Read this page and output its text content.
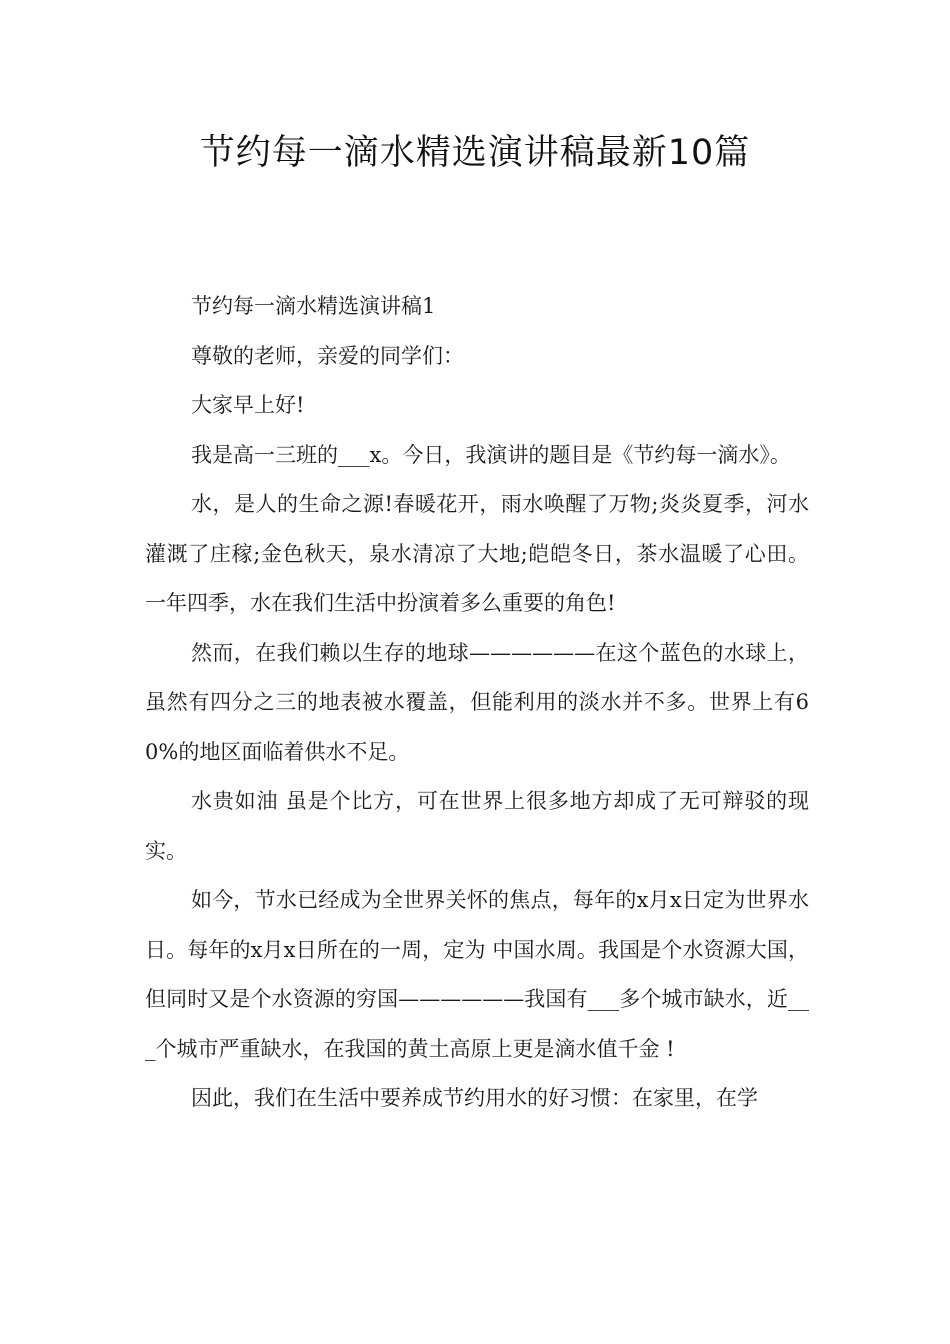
节约每一滴水精选演讲稿最新10篇

节约每一滴水精选演讲稿1

尊敬的老师，亲爱的同学们：

大家早上好!

我是高一三班的___x。今日，我演讲的题目是《节约每一滴水》。

水，是人的生命之源!春暖花开，雨水唤醒了万物;炎炎夏季，河水灌溉了庄稼;金色秋天，泉水清凉了大地;皑皑冬日，茶水温暖了心田。一年四季，水在我们生活中扮演着多么重要的角色!

然而，在我们赖以生存的地球——————在这个蓝色的水球上，虽然有四分之三的地表被水覆盖，但能利用的淡水并不多。世界上有60%的地区面临着供水不足。

水贵如油 虽是个比方，可在世界上很多地方却成了无可辩驳的现实。

如今，节水已经成为全世界关怀的焦点，每年的x月x日定为世界水日。每年的x月x日所在的一周，定为 中国水周。我国是个水资源大国，但同时又是个水资源的穷国——————我国有___多个城市缺水，近___个城市严重缺水，在我国的黄土高原上更是滴水值千金 !

因此，我们在生活中要养成节约用水的好习惯：在家里，在学
